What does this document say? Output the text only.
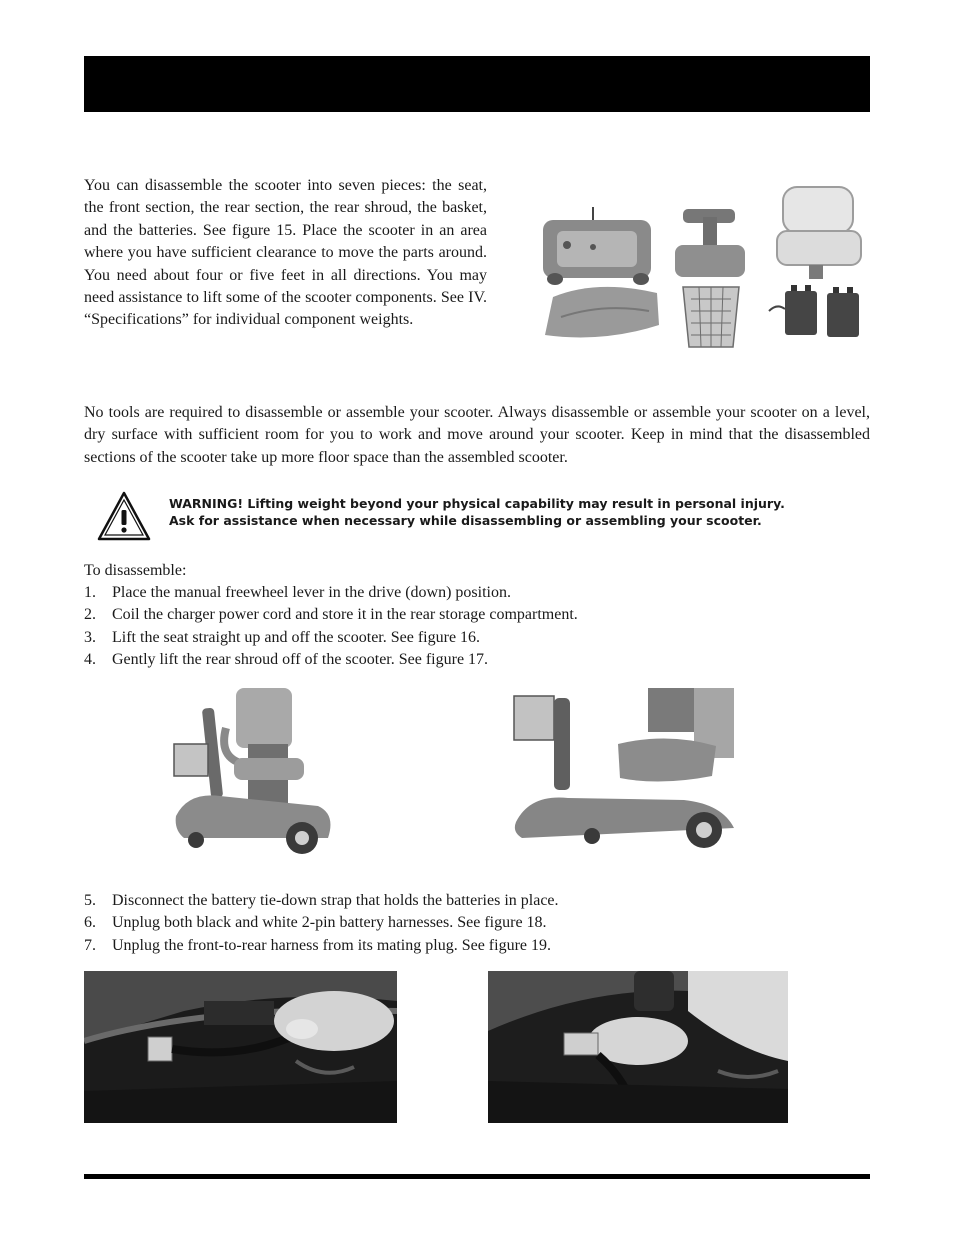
You can disassemble the scooter into seven pieces: the seat, the front section, the rear section, the rear shroud, the basket, and the batteries. See figure 15. Place the scooter in an area where you have sufficient clearance to move the parts around. You need about four or five feet in all directions. You may need assistance to lift some of the scooter components. See IV. “Specifications” for individual component weights.

No tools are required to disassemble or assemble your scooter. Always disassemble or assemble your scooter on a level, dry surface with sufficient room for you to work and move around your scooter. Keep in mind that the disassembled sections of the scooter take up more floor space than the assembled scooter.

WARNING! Lifting weight beyond your physical capability may result in personal injury.
Ask for assistance when necessary while disassembling or assembling your scooter.
To disassemble:
1. Place the manual freewheel lever in the drive (down) position.
2. Coil the charger power cord and store it in the rear storage compartment.
3. Lift the seat straight up and off the scooter. See figure 16.
4. Gently lift the rear shroud off of the scooter. See figure 17.
5. Disconnect the battery tie-down strap that holds the batteries in place.
6. Unplug both black and white 2-pin battery harnesses. See figure 18.
7. Unplug the front-to-rear harness from its mating plug. See figure 19.
